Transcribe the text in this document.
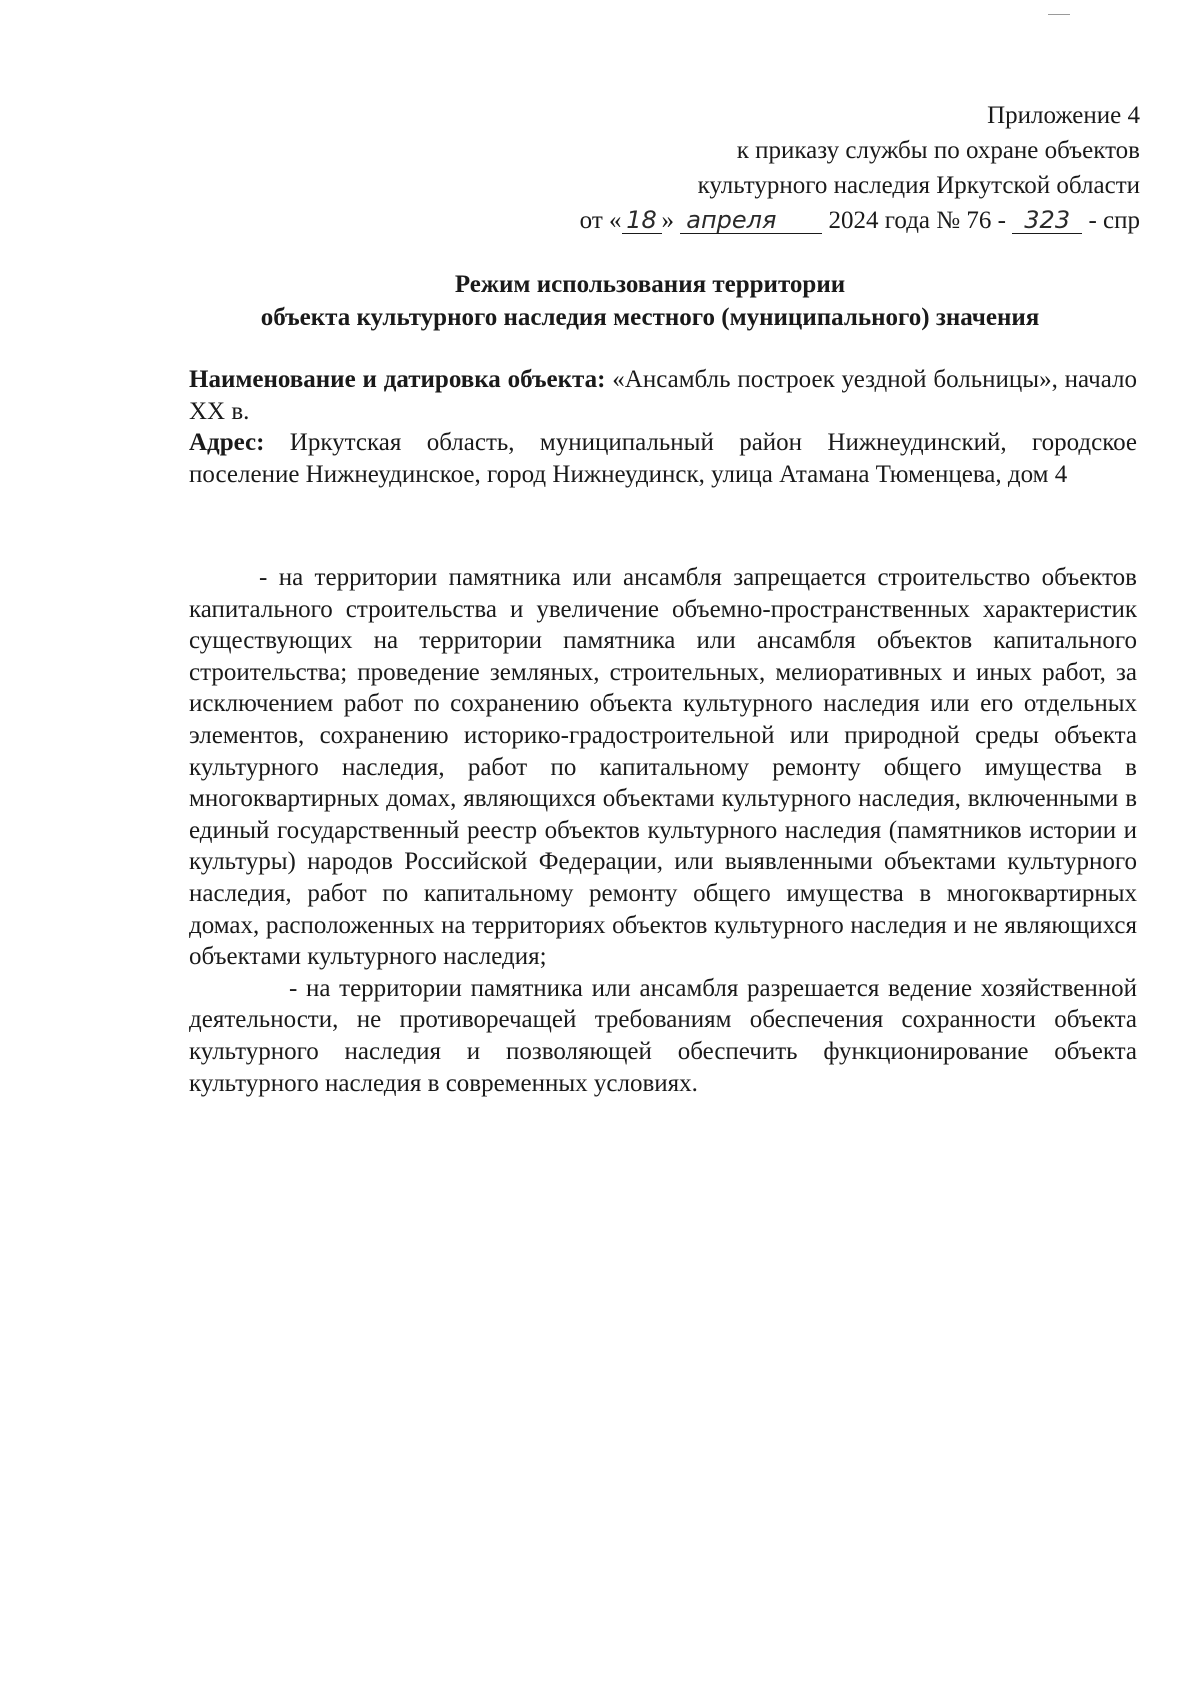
Приложение 4
к приказу службы по охране объектов
культурного наследия Иркутской области
от « 18 » апреля 2024 года № 76 - 323 - спр
Режим использования территории
объекта культурного наследия местного (муниципального) значения

Наименование и датировка объекта: «Ансамбль построек уездной больницы», начало XX в.

Адрес: Иркутская область, муниципальный район Нижнеудинский, городское поселение Нижнеудинское, город Нижнеудинск, улица Атамана Тюменцева, дом 4

- на территории памятника или ансамбля запрещается строительство объектов капитального строительства и увеличение объемно-пространственных характеристик существующих на территории памятника или ансамбля объектов капитального строительства; проведение земляных, строительных, мелиоративных и иных работ, за исключением работ по сохранению объекта культурного наследия или его отдельных элементов, сохранению историко-градостроительной или природной среды объекта культурного наследия, работ по капитальному ремонту общего имущества в многоквартирных домах, являющихся объектами культурного наследия, включенными в единый государственный реестр объектов культурного наследия (памятников истории и культуры) народов Российской Федерации, или выявленными объектами культурного наследия, работ по капитальному ремонту общего имущества в многоквартирных домах, расположенных на территориях объектов культурного наследия и не являющихся объектами культурного наследия;

- на территории памятника или ансамбля разрешается ведение хозяйственной деятельности, не противоречащей требованиям обеспечения сохранности объекта культурного наследия и позволяющей обеспечить функционирование объекта культурного наследия в современных условиях.
